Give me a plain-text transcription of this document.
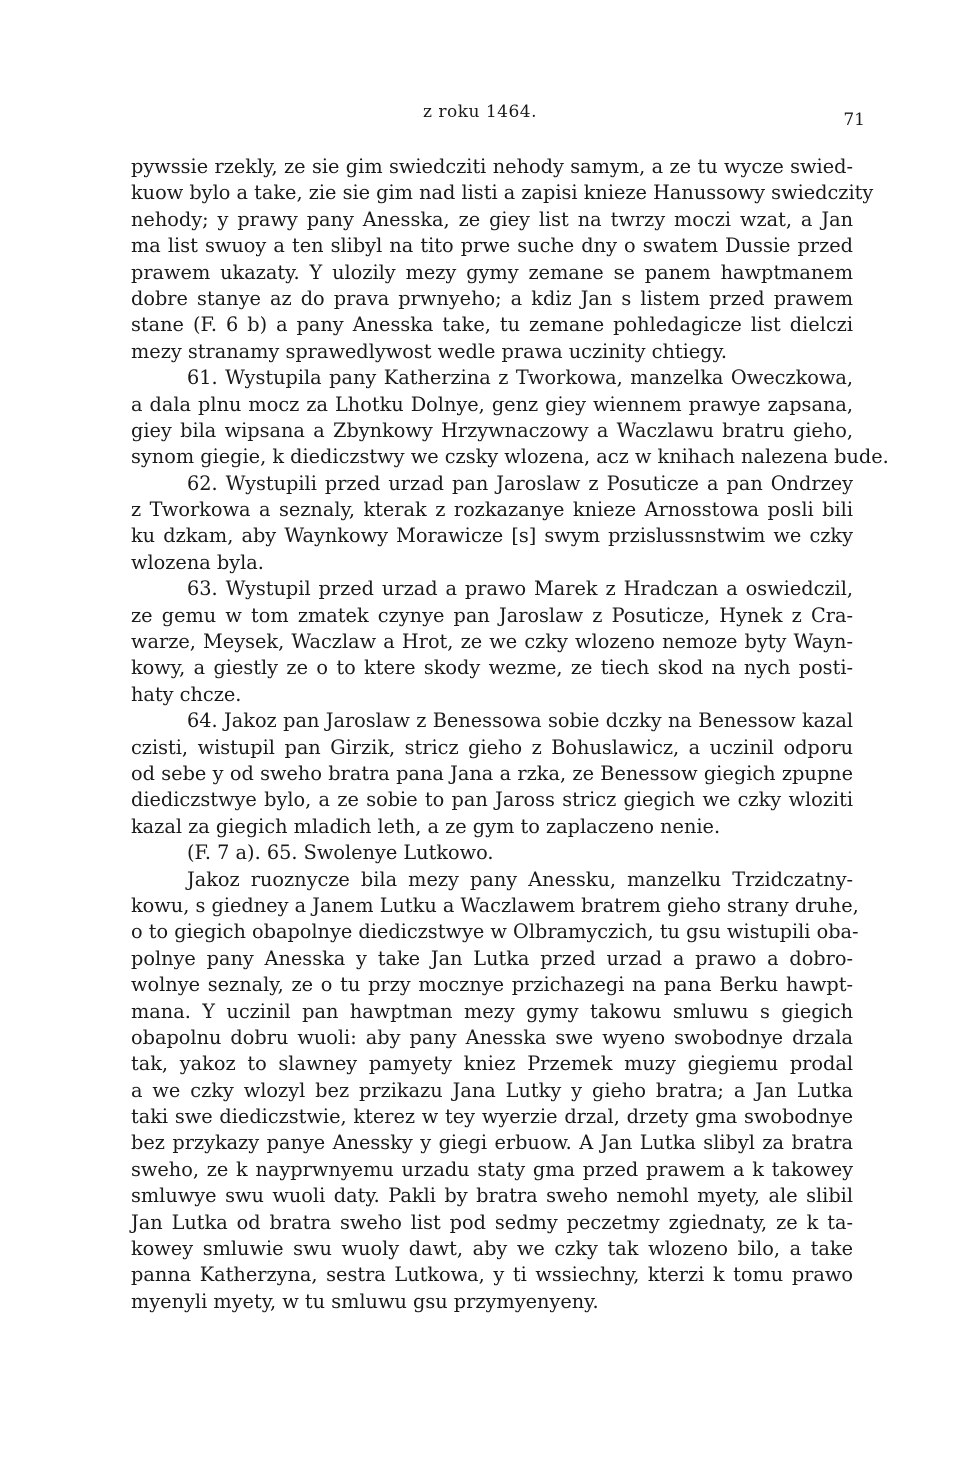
z roku 1464.	71
pywssie rzekly, ze sie gim swiedcziti nehody samym, a ze tu wycze swied-
kuow bylo a take, zie sie gim nad listi a zapisi knieze Hanussowy swiedczity
nehody; y prawy pany Anesska, ze giey list na twrzy moczi wzat, a Jan
ma list swuoy a ten slibyl na tito prwe suche dny o swatem Dussie przed
prawem ukazaty. Y ulozily mezy gymy zemane se panem hawptmanem
dobre stanye az do prava prwnyeho; a kdiz Jan s listem przed prawem
stane (F. 6 b) a pany Anesska take, tu zemane pohledagicze list dielczi
mezy stranamy sprawedlywost wedle prawa uczinity chtiegy.
61. Wystupila pany Katherzina z Tworkowa, manzelka Oweczkowa,
a dala plnu mocz za Lhotku Dolnye, genz giey wiennem prawye zapsana,
giey bila wipsana a Zbynkowy Hrzywnaczowy a Waczlawu bratru gieho,
synom giegie, k diediczstwy we czsky wlozena, acz w knihach nalezena bude.
62. Wystupili przed urzad pan Jaroslaw z Posuticze a pan Ondrzey
z Tworkowa a seznaly, kterak z rozkazanye knieze Arnosstowa posli bili
ku dzkam, aby Waynkowy Morawicze [s] swym przislussnstwim we czky
wlozena byla.
63. Wystupil przed urzad a prawo Marek z Hradczan a oswiedczil,
ze gemu w tom zmatek czynye pan Jaroslaw z Posuticze, Hynek z Cra-
warze, Meysek, Waczlaw a Hrot, ze we czky wlozeno nemoze byty Wayn-
kowy, a giestly ze o to ktere skody wezme, ze tiech skod na nych posti-
haty chcze.
64. Jakoz pan Jaroslaw z Benessowa sobie dczky na Benessow kazal
czisti, wistupil pan Girzik, stricz gieho z Bohuslawicz, a uczinil odporu
od sebe y od sweho bratra pana Jana a rzka, ze Benessow giegich zpupne
diediczstwye bylo, a ze sobie to pan Jaross stricz giegich we czky wloziti
kazal za giegich mladich leth, a ze gym to zaplaczeno nenie.
(F. 7 a). 65. Swolenye Lutkowo.
Jakoz ruoznycze bila mezy pany Anessku, manzelku Trzidczatny-
kowu, s giedney a Janem Lutku a Waczlawem bratrem gieho strany druhe,
o to giegich obapolnye diediczstwye w Olbramyczich, tu gsu wistupili oba-
polnye pany Anesska y take Jan Lutka przed urzad a prawo a dobro-
wolnye seznaly, ze o tu przy mocznye przichazegi na pana Berku hawpt-
mana. Y uczinil pan hawptman mezy gymy takowu smluwu s giegich
obapolnu dobru wuoli: aby pany Anesska swe wyeno swobodnye drzala
tak, yakoz to slawney pamyety kniez Przemek muzy giegiemu prodal
a we czky wlozyl bez przikazu Jana Lutky y gieho bratra; a Jan Lutka
taki swe diediczstwie, kterez w tey wyerzie drzal, drzety gma swobodnye
bez przykazy panye Anessky y giegi erbuow. A Jan Lutka slibyl za bratra
sweho, ze k nayprwnyemu urzadu staty gma przed prawem a k takowey
smluwye swu wuoli daty. Pakli by bratra sweho nemohl myety, ale slibil
Jan Lutka od bratra sweho list pod sedmy peczetmy zgiednaty, ze k ta-
kowey smluwie swu wuoly dawt, aby we czky tak wlozeno bilo, a take
panna Katherzyna, sestra Lutkowa, y ti wssiechny, kterzi k tomu prawo
myenyli myety, w tu smluwu gsu przymyenyeny.
